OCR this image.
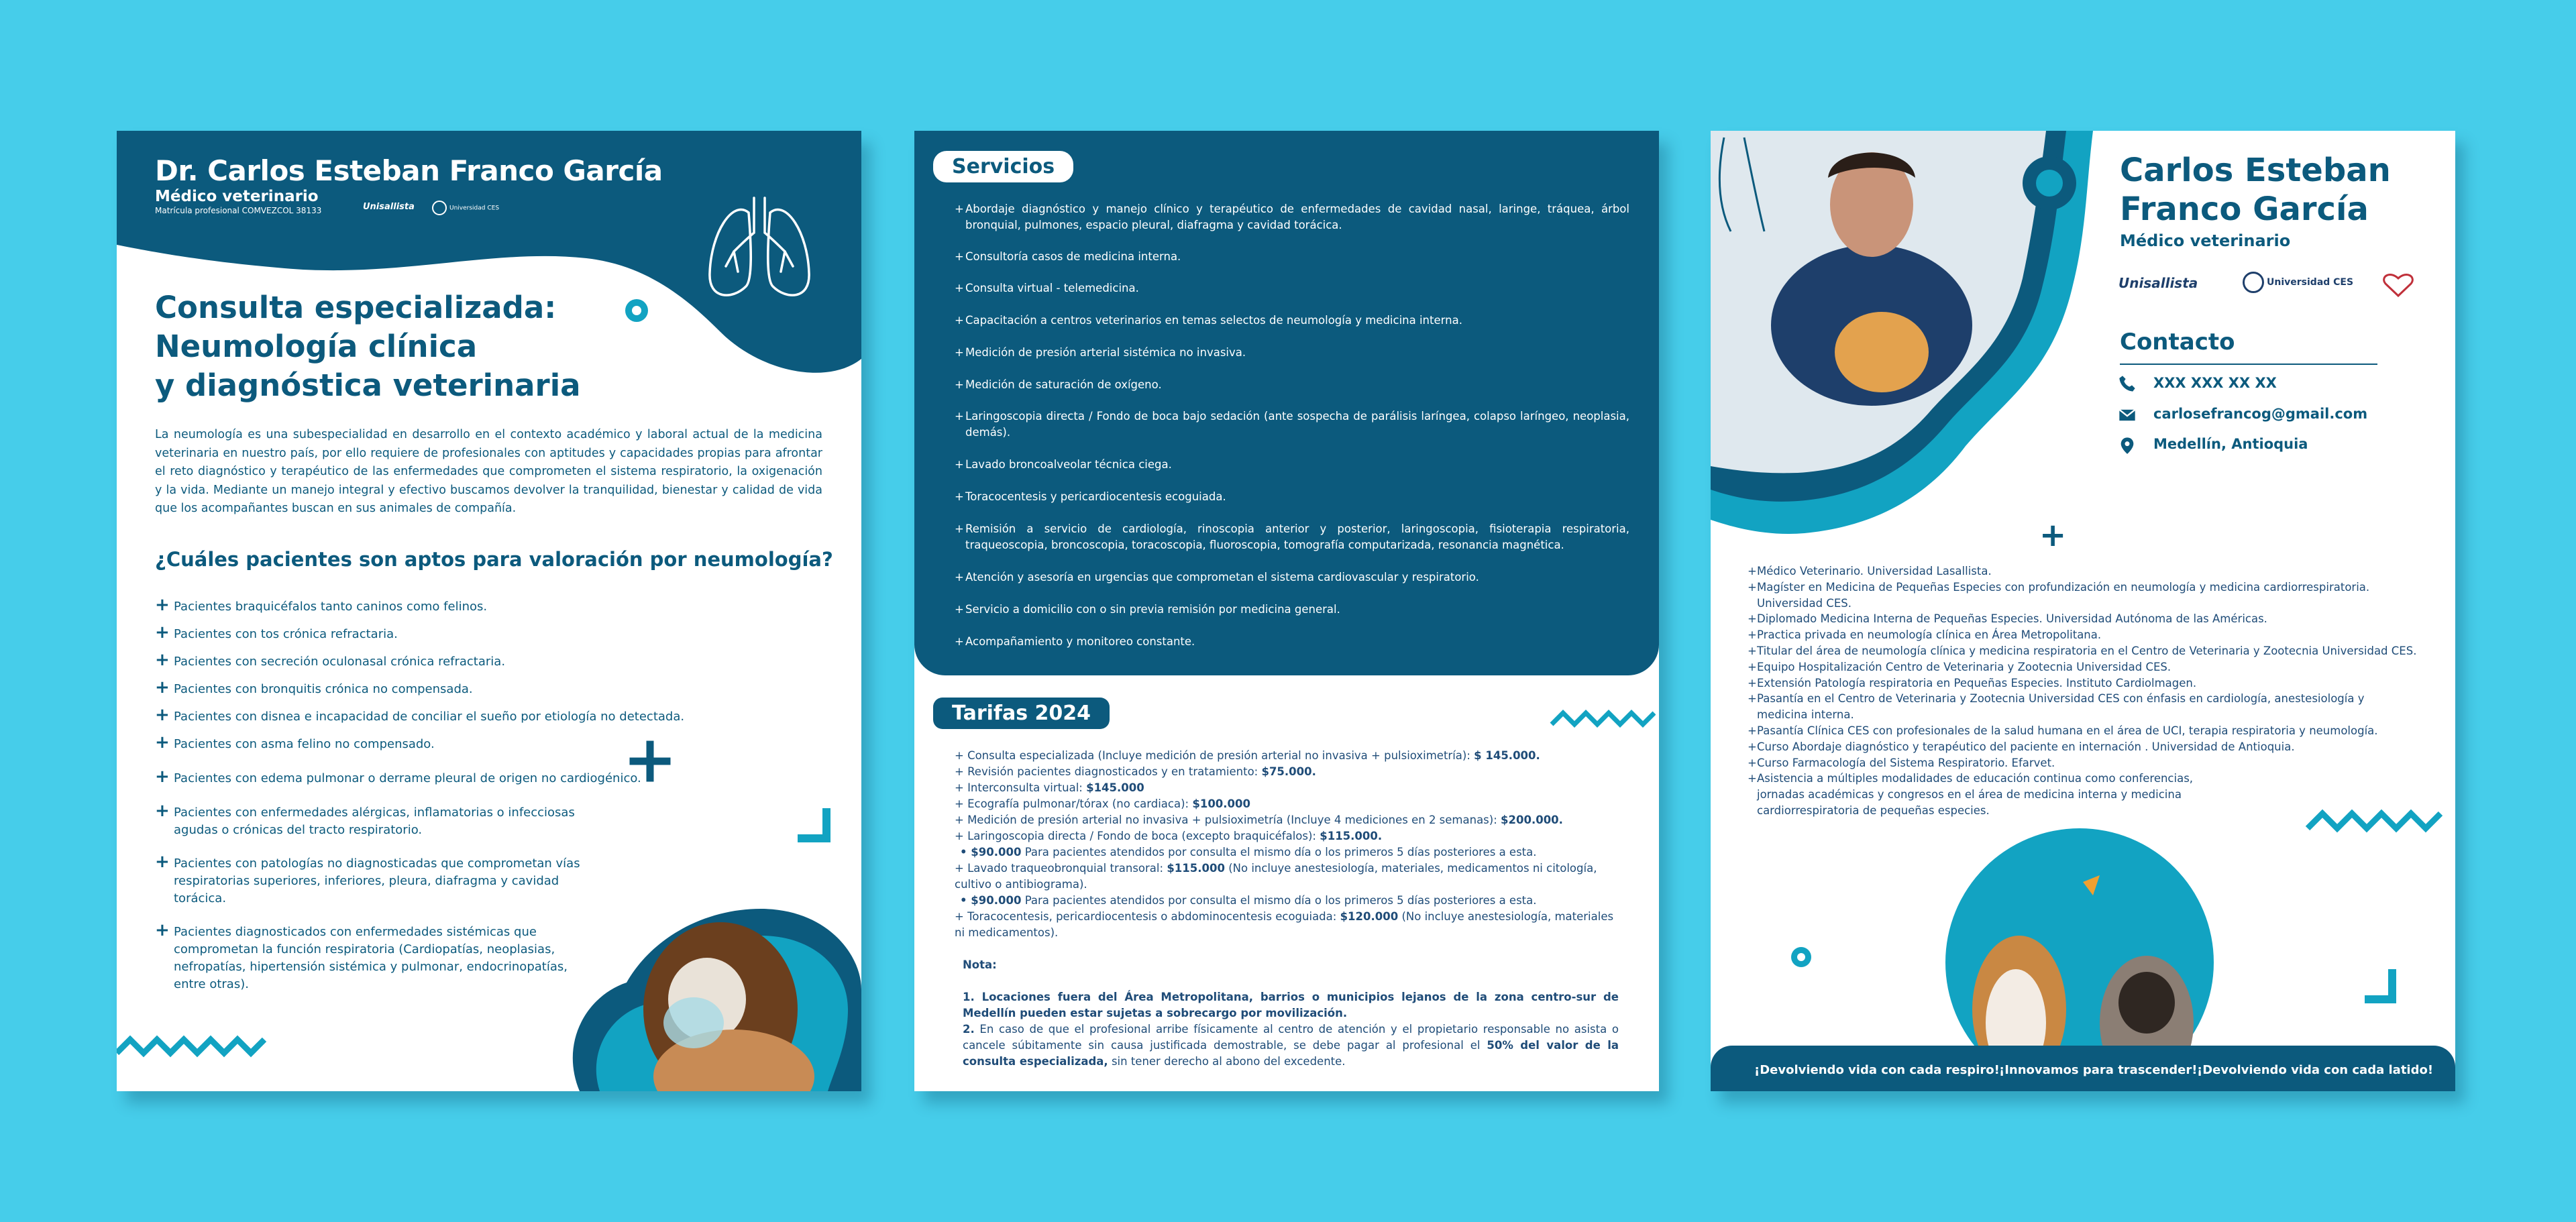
Dr. Carlos Esteban Franco García
Médico veterinario
Matrícula profesional COMVEZCOL 38133	Unisallista	Universidad CES
Consulta especializada:
Neumología clínica
y diagnóstica veterinaria
La neumología es una subespecialidad en desarrollo en el contexto académico y laboral actual de la medicina veterinaria en nuestro país, por ello requiere de profesionales con aptitudes y capacidades propias para afrontar el reto diagnóstico y terapéutico de las enfermedades que comprometen el sistema respiratorio, la oxigenación y la vida. Mediante un manejo integral y efectivo buscamos devolver la tranquilidad, bienestar y calidad de vida que los acompañantes buscan en sus animales de compañía.
¿Cuáles pacientes son aptos para valoración por neumología?
+ Pacientes braquicéfalos tanto caninos como felinos.
+ Pacientes con tos crónica refractaria.
+ Pacientes con secreción oculonasal crónica refractaria.
+ Pacientes con bronquitis crónica no compensada.
+ Pacientes con disnea e incapacidad de conciliar el sueño por etiología no detectada.
+ Pacientes con asma felino no compensado.
+ Pacientes con edema pulmonar o derrame pleural de origen no cardiogénico.
+ Pacientes con enfermedades alérgicas, inflamatorias o infecciosas agudas o crónicas del tracto respiratorio.
+ Pacientes con patologías no diagnosticadas que comprometan vías respiratorias superiores, inferiores, pleura, diafragma y cavidad torácica.
+ Pacientes diagnosticados con enfermedades sistémicas que comprometan la función respiratoria (Cardiopatías, neoplasias, nefropatías, hipertensión sistémica y pulmonar, endocrinopatías, entre otras).
Servicios
+ Abordaje diagnóstico y manejo clínico y terapéutico de enfermedades de cavidad nasal, laringe, tráquea, árbol bronquial, pulmones, espacio pleural, diafragma y cavidad torácica.
+ Consultoría casos de medicina interna.
+ Consulta virtual - telemedicina.
+ Capacitación a centros veterinarios en temas selectos de neumología y medicina interna.
+ Medición de presión arterial sistémica no invasiva.
+ Medición de saturación de oxígeno.
+ Laringoscopia directa / Fondo de boca bajo sedación (ante sospecha de parálisis laríngea, colapso laríngeo, neoplasia, demás).
+ Lavado broncoalveolar técnica ciega.
+ Toracocentesis y pericardiocentesis ecoguiada.
+ Remisión a servicio de cardiología, rinoscopia anterior y posterior, laringoscopia, fisioterapia respiratoria, traqueoscopia, broncoscopia, toracoscopia, fluoroscopia, tomografía computarizada, resonancia magnética.
+ Atención y asesoría en urgencias que comprometan el sistema cardiovascular y respiratorio.
+ Servicio a domicilio con o sin previa remisión por medicina general.
+ Acompañamiento y monitoreo constante.
Tarifas 2024
+ Consulta especializada (Incluye medición de presión arterial no invasiva + pulsioximetría): $ 145.000.
+ Revisión pacientes diagnosticados y en tratamiento: $75.000.
+ Interconsulta virtual: $145.000
+ Ecografía pulmonar/tórax (no cardiaca): $100.000
+ Medición de presión arterial no invasiva + pulsioximetría (Incluye 4 mediciones en 2 semanas): $200.000.
+ Laringoscopia directa / Fondo de boca (excepto braquicéfalos): $115.000.
• $90.000 Para pacientes atendidos por consulta el mismo día o los primeros 5 días posteriores a esta.
+ Lavado traqueobronquial transoral: $115.000 (No incluye anestesiología, materiales, medicamentos ni citología, cultivo o antibiograma).
• $90.000 Para pacientes atendidos por consulta el mismo día o los primeros 5 días posteriores a esta.
+ Toracocentesis, pericardiocentesis o abdominocentesis ecoguiada: $120.000 (No incluye anestesiología, materiales ni medicamentos).
Nota:
1. Locaciones fuera del Área Metropolitana, barrios o municipios lejanos de la zona centro-sur de Medellín pueden estar sujetas a sobrecargo por movilización.
2. En caso de que el profesional arribe físicamente al centro de atención y el propietario responsable no asista o cancele súbitamente sin causa justificada demostrable, se debe pagar al profesional el 50% del valor de la consulta especializada, sin tener derecho al abono del excedente.
Carlos Esteban
Franco García
Médico veterinario
Unisallista	Universidad CES
Contacto
XXX XXX XX XX
carlosefrancog@gmail.com
Medellín, Antioquia
+
+ Médico Veterinario. Universidad Lasallista.
+ Magíster en Medicina de Pequeñas Especies con profundización en neumología y medicina cardiorrespiratoria. Universidad CES.
+ Diplomado Medicina Interna de Pequeñas Especies. Universidad Autónoma de las Américas.
+ Practica privada en neumología clínica en Área Metropolitana.
+ Titular del área de neumología clínica y medicina respiratoria en el Centro de Veterinaria y Zootecnia Universidad CES.
+ Equipo Hospitalización Centro de Veterinaria y Zootecnia Universidad CES.
+ Extensión Patología respiratoria en Pequeñas Especies. Instituto Cardiolmagen.
+ Pasantía en el Centro de Veterinaria y Zootecnia Universidad CES con énfasis en cardiología, anestesiología y medicina interna.
+ Pasantía Clínica CES con profesionales de la salud humana en el área de UCI, terapia respiratoria y neumología.
+ Curso Abordaje diagnóstico y terapéutico del paciente en internación . Universidad de Antioquia.
+ Curso Farmacología del Sistema Respiratorio. Efarvet.
+ Asistencia a múltiples modalidades de educación continua como conferencias, jornadas académicas y congresos en el área de medicina interna y medicina cardiorrespiratoria de pequeñas especies.
¡Devolviendo vida con cada respiro! ¡Innovamos para trascender! ¡Devolviendo vida con cada latido!
